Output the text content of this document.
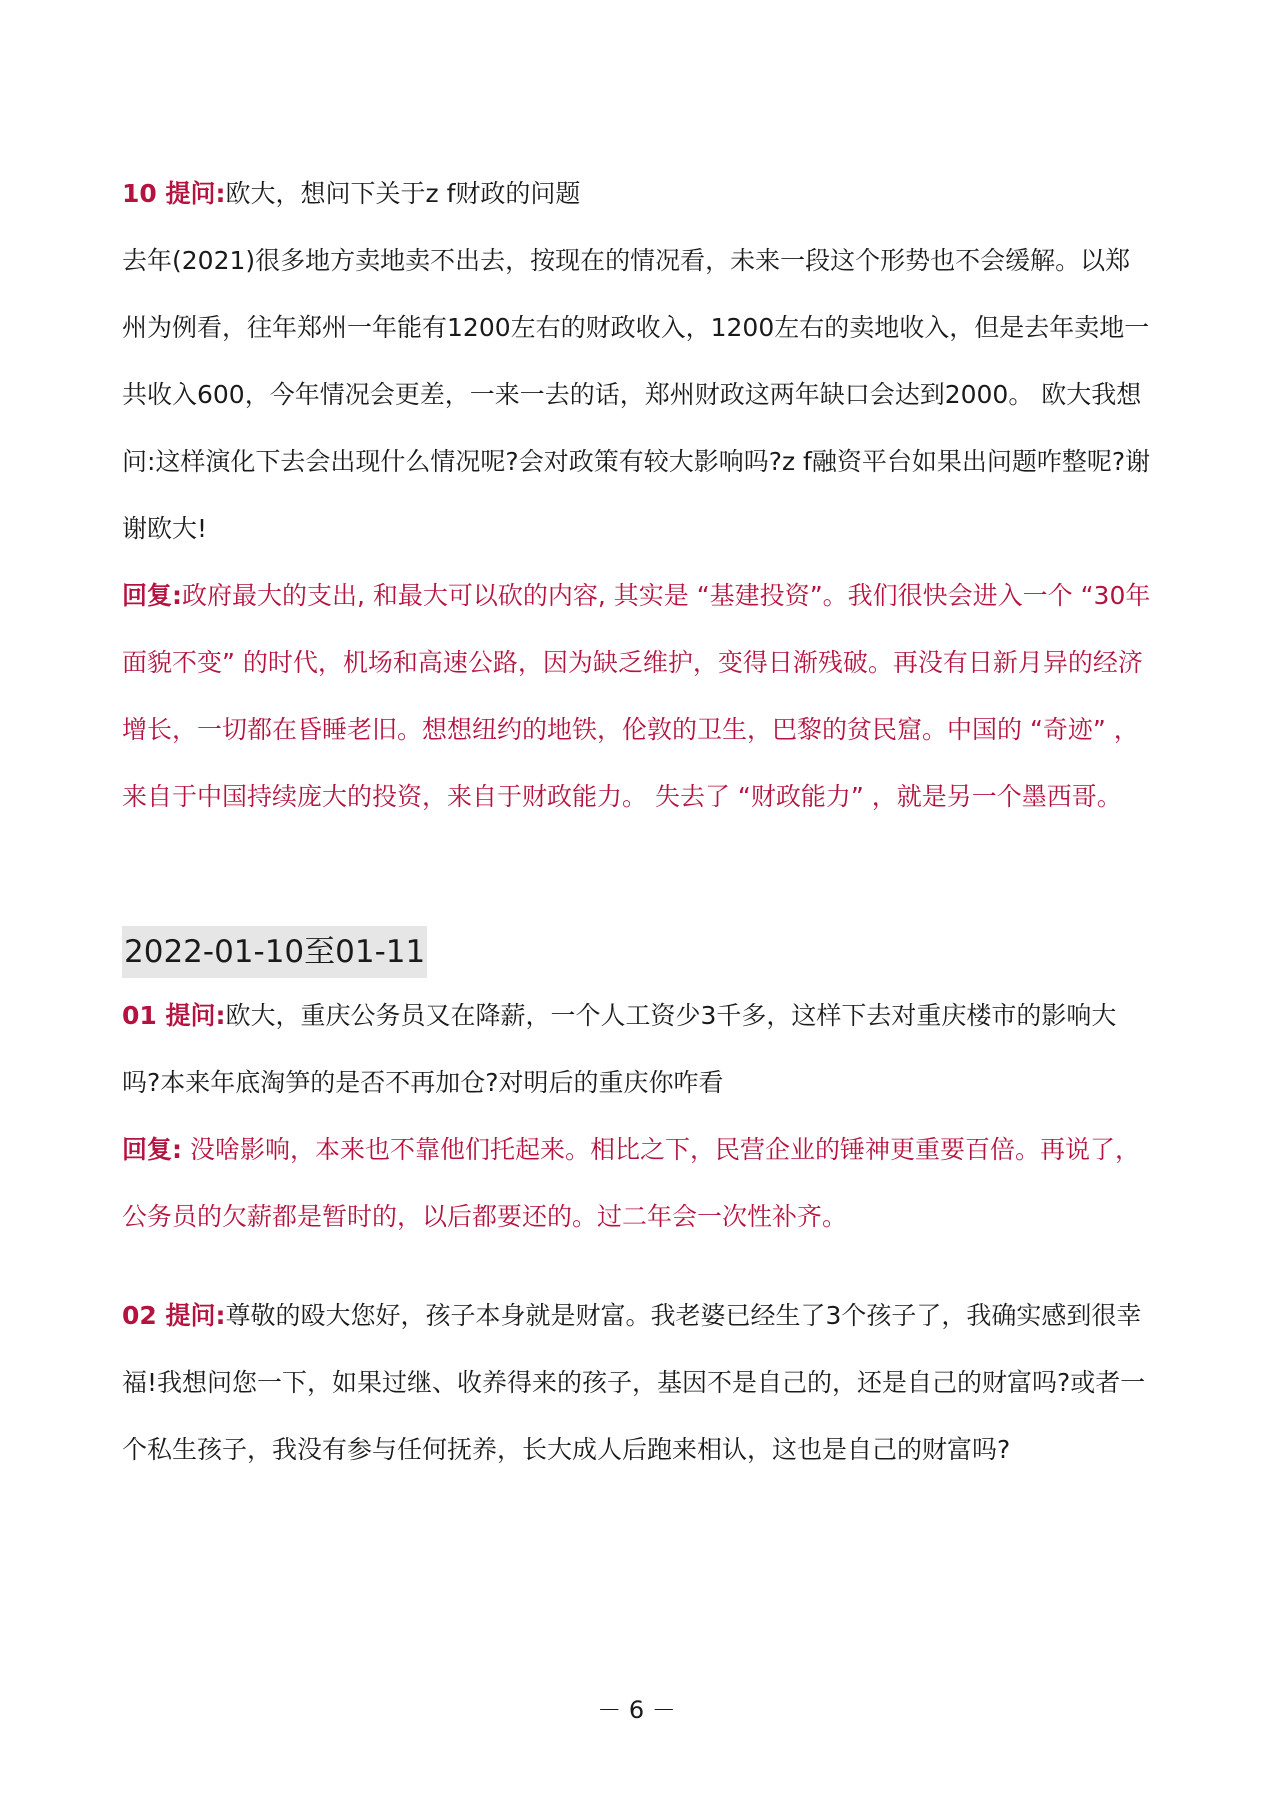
10 提问:欧大，想问下关于z f财政的问题

去年(2021)很多地方卖地卖不出去，按现在的情况看，未来一段这个形势也不会缓解。以郑州为例看，往年郑州一年能有1200左右的财政收入，1200左右的卖地收入，但是去年卖地一共收入600，今年情况会更差，一来一去的话，郑州财政这两年缺口会达到2000。 欧大我想问:这样演化下去会出现什么情况呢?会对政策有较大影响吗?z f融资平台如果出问题咋整呢?谢谢欧大!

回复:政府最大的支出, 和最大可以砍的内容, 其实是 “基建投资”。我们很快会进入一个 “30年面貌不变” 的时代，机场和高速公路，因为缺乏维护，变得日渐残破。再没有日新月异的经济增长，一切都在昏睡老旧。想想纽约的地铁，伦敦的卫生，巴黎的贫民窟。中国的 “奇迹” ，来自于中国持续庞大的投资，来自于财政能力。 失去了 “财政能力” ，就是另一个墨西哥。

2022-01-10至01-11

01 提问:欧大，重庆公务员又在降薪，一个人工资少3千多，这样下去对重庆楼市的影响大吗?本来年底淘笋的是否不再加仓?对明后的重庆你咋看

回复: 没啥影响，本来也不靠他们托起来。相比之下，民营企业的锤神更重要百倍。再说了，公务员的欠薪都是暂时的，以后都要还的。过二年会一次性补齐。

02 提问:尊敬的殴大您好，孩子本身就是财富。我老婆已经生了3个孩子了，我确实感到很幸福!我想问您一下，如果过继、收养得来的孩子，基因不是自己的，还是自己的财富吗?或者一个私生孩子，我没有参与任何抚养，长大成人后跑来相认，这也是自己的财富吗?

－ 6 －
